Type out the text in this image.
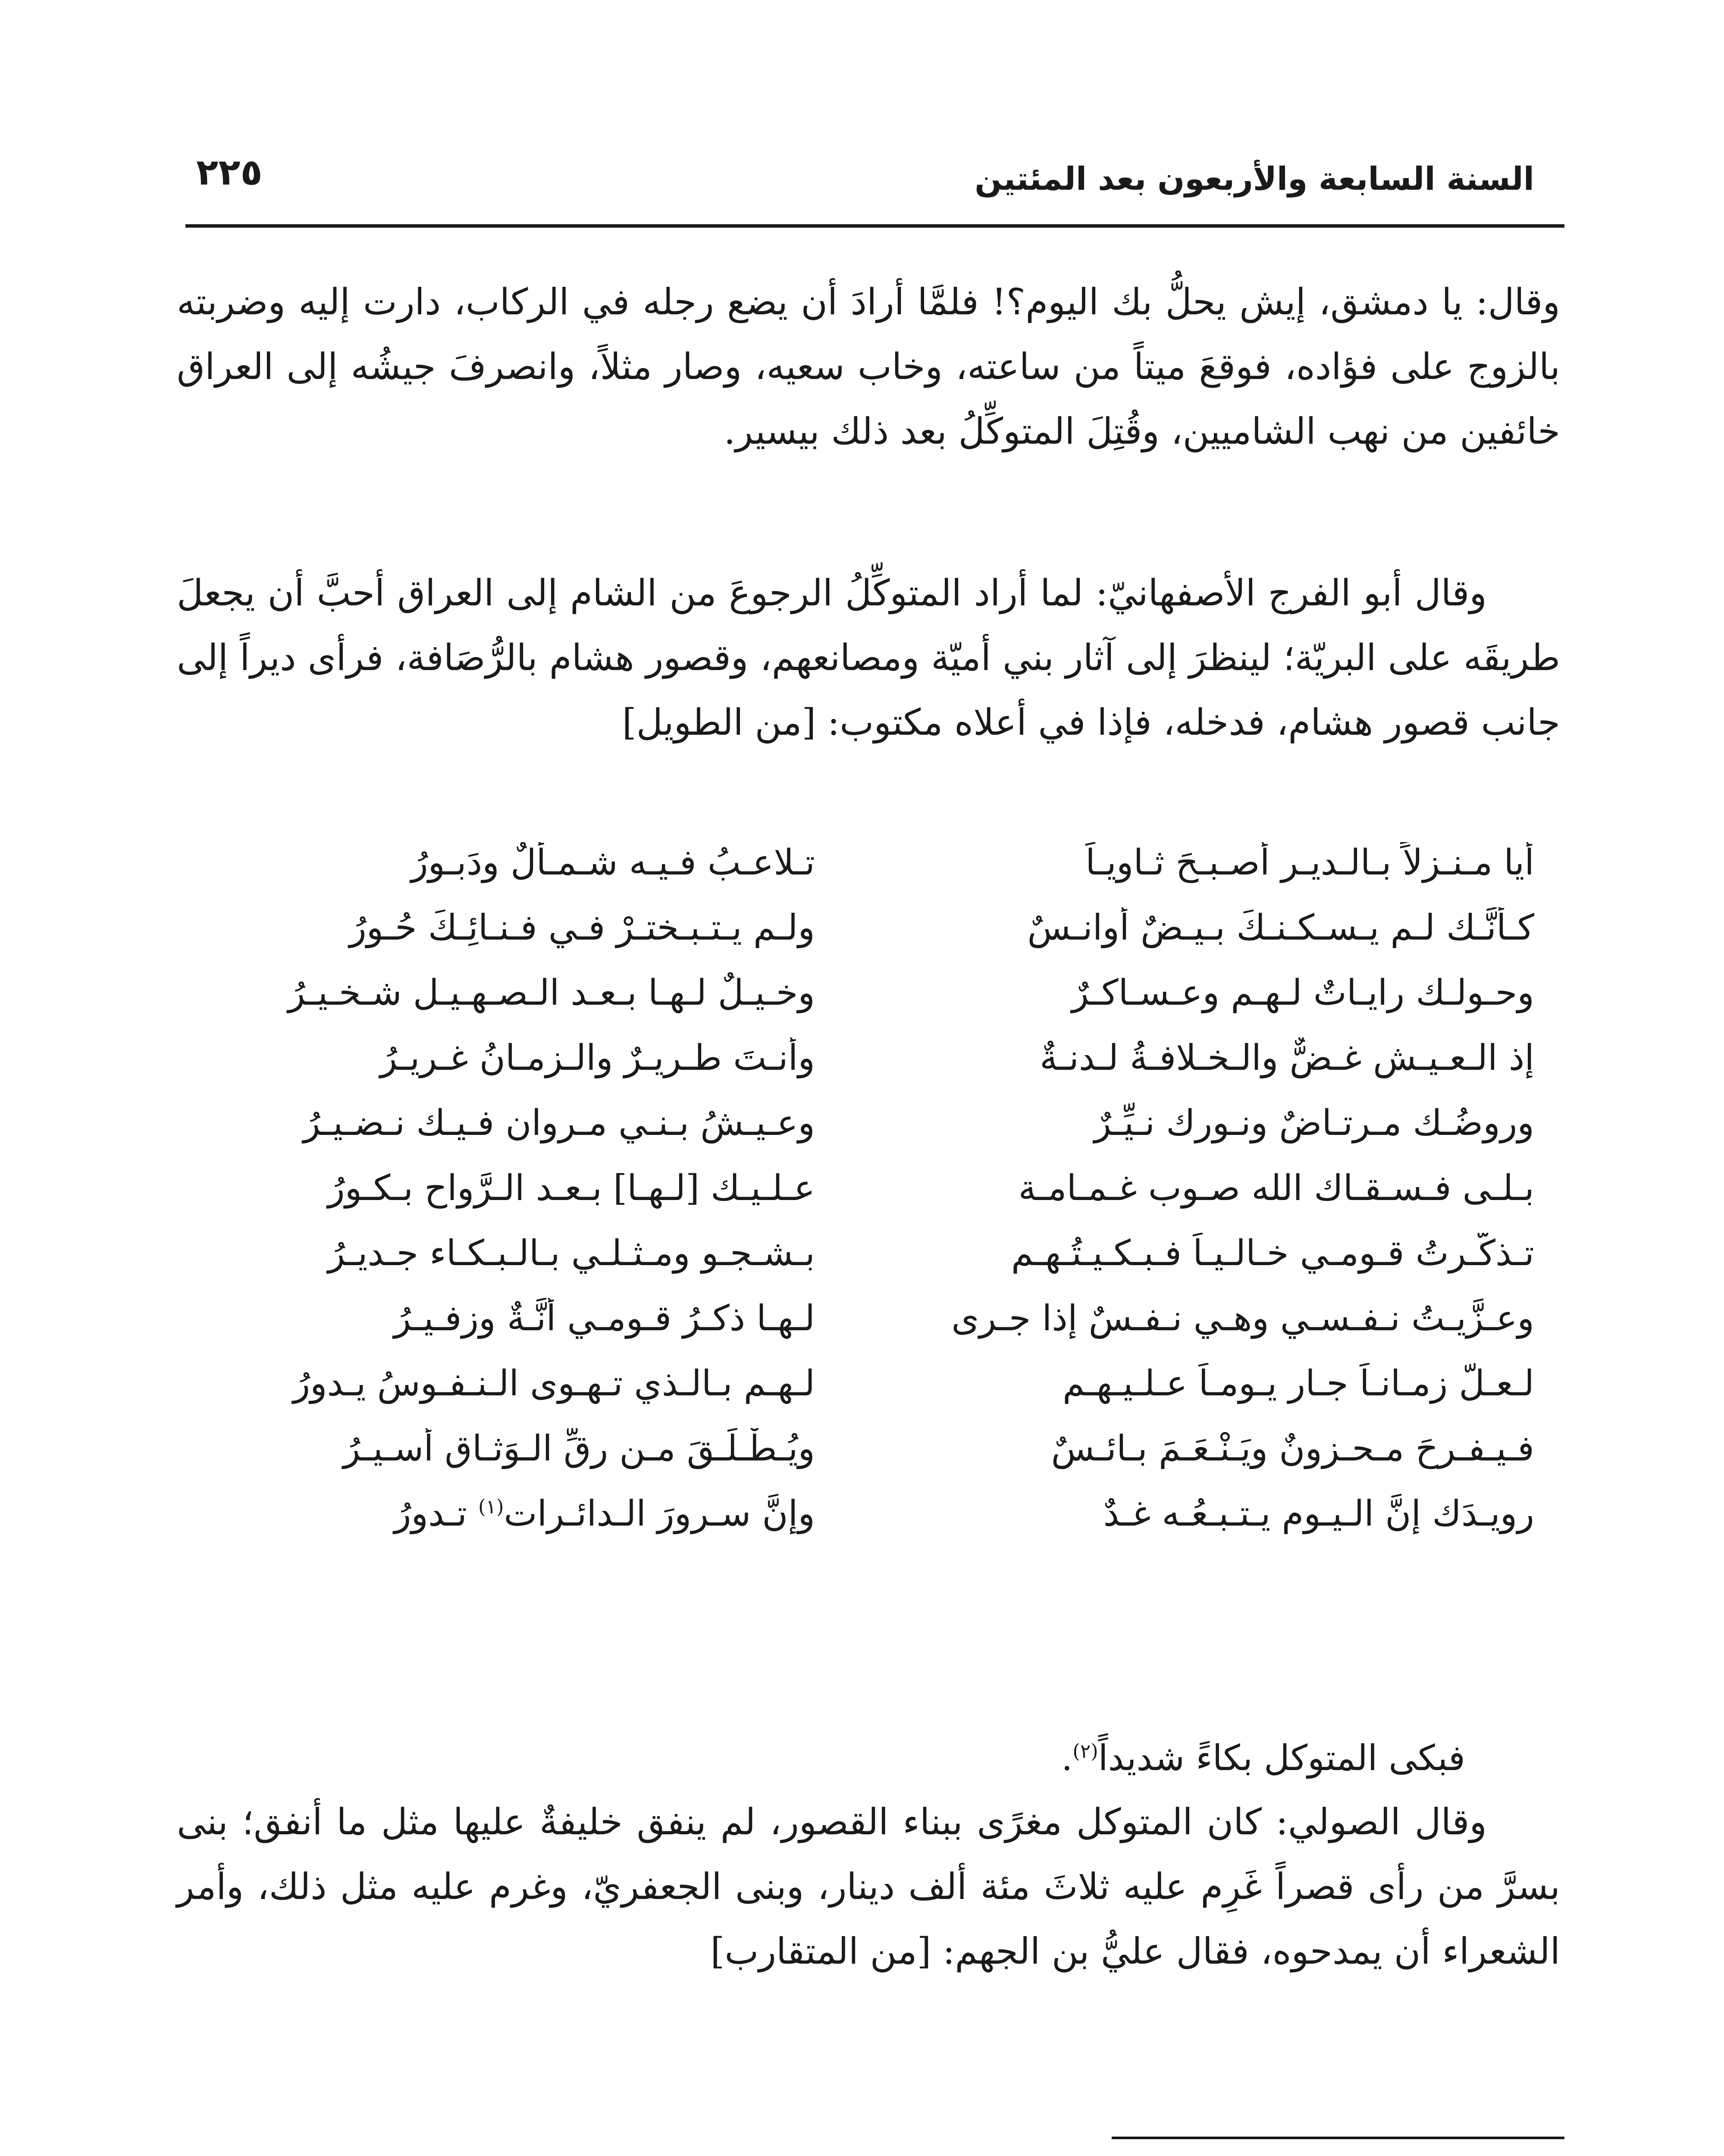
السنة السابعة والأربعون بعد المئتين
٢٢٥

وقال: يا دمشق، إيش يحلُّ بك اليوم؟! فلمَّا أرادَ أن يضع رجله في الركاب، دارت إليه وضربته بالزوج على فؤاده، فوقعَ ميتاً من ساعته، وخاب سعيه، وصار مثلاً، وانصرفَ جيشُه إلى العراق خائفين من نهب الشاميين، وقُتِلَ المتوكِّلُ بعد ذلك بيسير.

وقال أبو الفرج الأصفهانيّ: لما أراد المتوكِّلُ الرجوعَ من الشام إلى العراق أحبَّ أن يجعلَ طريقَه على البريّة؛ لينظرَ إلى آثار بني أميّة ومصانعهم، وقصور هشام بالرُّصَافة، فرأى ديراً إلى جانب قصور هشام، فدخله، فإذا في أعلاه مكتوب: [من الطويل]

أيا مـنـزلاً بـالـديـر أصـبـحَ ثـاويـاً
تـلاعـبُ فـيـه شـمـألٌ ودَبـورُ
كـأنَّـك لـم يـسـكـنـكَ بـيـضٌ أوانـسٌ
ولـم يـتـبـختـرْ فـي فـنـائِـكَ حُـورُ
وحـولـك رايـاتٌ لـهـم وعـسـاكـرٌ
وخـيـلٌ لـهـا بـعـد الـصـهـيـلِ شـخـيـرُ
إذ الـعـيـش غـضٌّ والـخـلافـةُ لـدنـةٌ
وأنـتَ طـريـرٌ والـزمـانُ غـريـرُ
وروضُـك مـرتـاضٌ ونـورك نـيِّـرٌ
وعـيـشُ بـنـي مـروان فـيـك نـضـيـرُ
بـلـى فـسـقـاك الله صـوب غـمـامـة
عـلـيـك [لـهـا] بـعـد الـرَّواحِ بـكـورُ
تـذكَّـرتُ قـومـي خـالـيـاً فـبـكـيـتُـهـم
بـشـجـوٍ ومـثـلـي بـالـبـكـاء جـديـرُ
وعـزَّيـتُ نـفـسـي وهـي نـفـسٌ إذا جـرى
لـهـا ذكـرُ قـومـي أنَّـةٌ وزفـيـرُ
لـعـلَّ زمـانـاً جـار يـومـاً عـلـيـهـم
لـهـم بـالـذي تـهـوى الـنـفـوسُ يـدورُ
فـيـفـرحَ مـحـزونٌ ويَـنْـعَـمَ بـائـسٌ
ويُـطْـلَـقَ مـن رقِّ الـوَثـاق أسـيـرُ
رويـدَك إنَّ الـيـوم يـتـبـعُـه غـدٌ
وإنَّ سـرورَ الـدائـرات$^{(١)}$ تـدورُ
فبكى المتوكل بكاءً شديداً$^{(٢)}$.

وقال الصولي: كان المتوكل مغرًى ببناء القصور، لم ينفق خليفةٌ عليها مثل ما أنفق؛ بنى بسرَّ من رأى قصراً غَرِم عليه ثلاثَ مئة ألف دينار، وبنى الجعفريّ، وغرم عليه مثل ذلك، وأمر الشعراء أن يمدحوه، فقال عليُّ بن الجهم: [من المتقارب]
